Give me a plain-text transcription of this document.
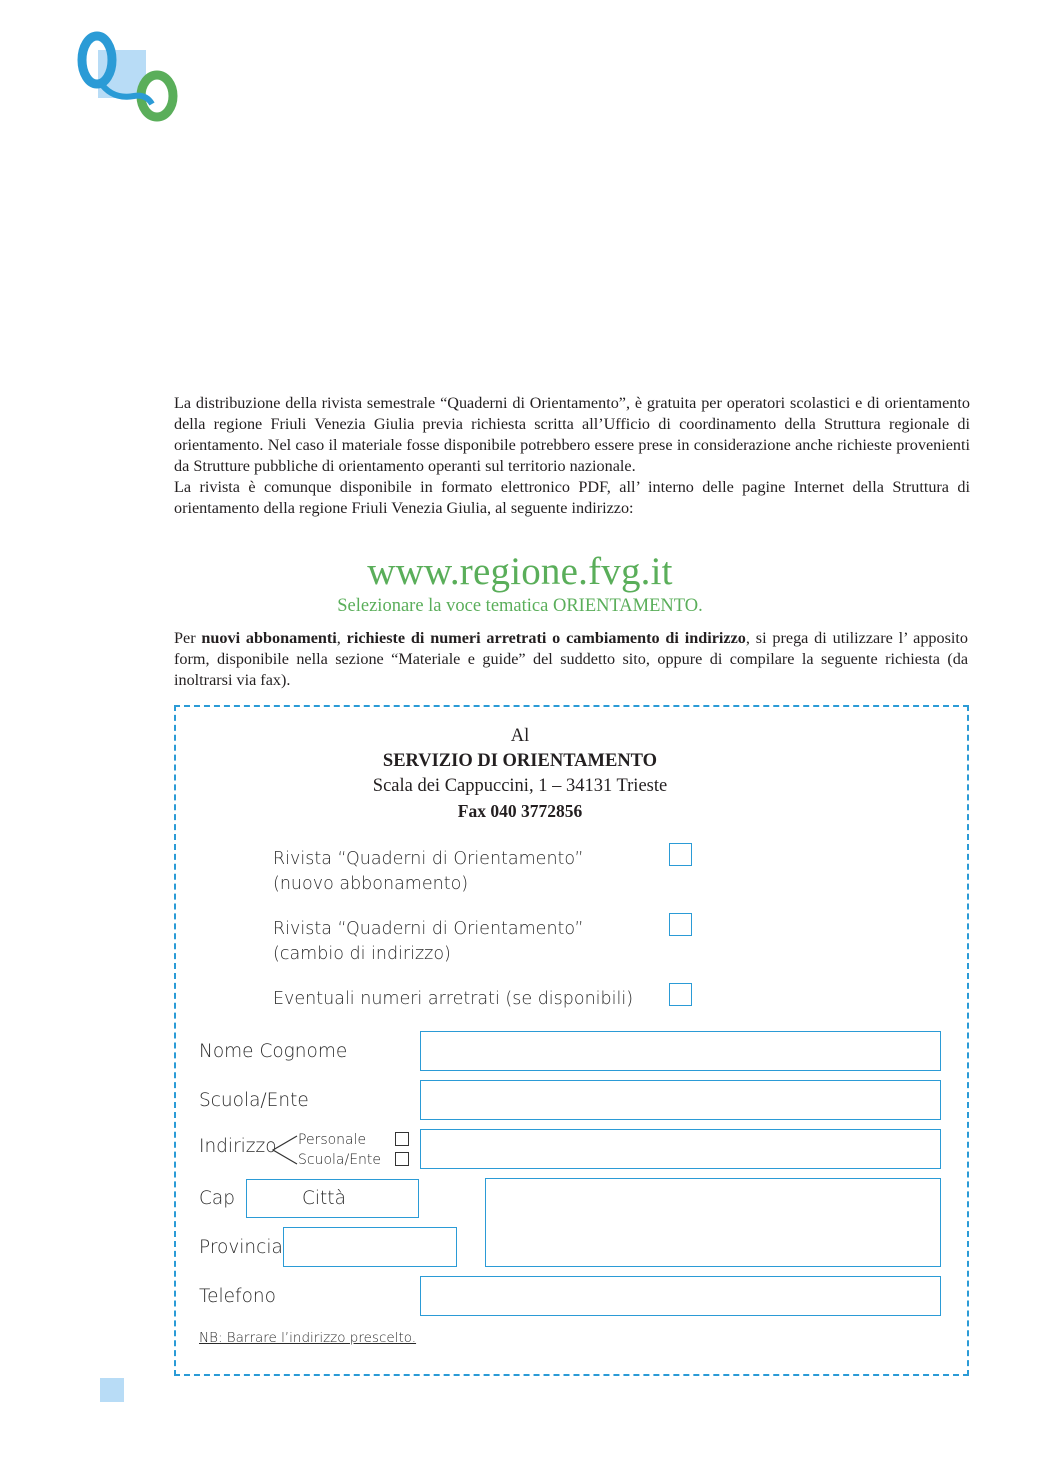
La distribuzione della rivista semestrale “Quaderni di Orientamento”, è gratuita per operatori scolastici e di orientamento della regione Friuli Venezia Giulia previa richiesta scritta all’Ufficio di coordinamento della Struttura regionale di orientamento. Nel caso il materiale fosse disponibile potrebbero essere prese in considerazione anche richieste provenienti da Strutture pubbliche di orientamento operanti sul territorio nazionale.

La rivista è comunque disponibile in formato elettronico PDF, all’ interno delle pagine Internet della Struttura di orientamento della regione Friuli Venezia Giulia, al seguente indirizzo:

www.regione.fvg.it
Selezionare la voce tematica ORIENTAMENTO.

Per nuovi abbonamenti, richieste di numeri arretrati o cambiamento di indirizzo, si prega di utilizzare l’ apposito form, disponibile nella sezione “Materiale e guide” del suddetto sito, oppure di compilare la seguente richiesta (da inoltrarsi via fax).

Al
SERVIZIO DI ORIENTAMENTO
Scala dei Cappuccini, 1 – 34131 Trieste
Fax 040 3772856
Rivista “Quaderni di Orientamento”
(nuovo abbonamento)
Rivista “Quaderni di Orientamento”
(cambio di indirizzo)
Eventuali numeri arretrati (se disponibili)
Nome Cognome
Scuola/Ente
Indirizzo Personale
Scuola/Ente
Cap	Città
Provincia
Telefono
NB: Barrare l’indirizzo prescelto.
